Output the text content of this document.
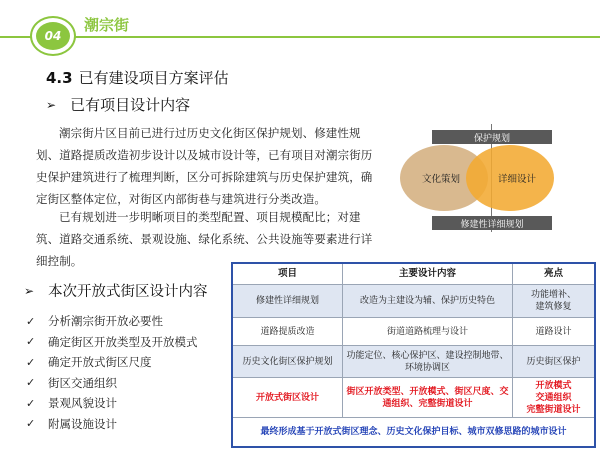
04
潮宗街
4.3 已有建设项目方案评估
➢ 已有项目设计内容

潮宗街片区目前已进行过历史文化街区保护规划、修建性规划、道路提质改造初步设计以及城市设计等，已有项目对潮宗街历史保护建筑进行了梳理判断，区分可拆除建筑与历史保护建筑，确定街区整体定位，对街区内部街巷与建筑进行分类改造。

已有规划进一步明晰项目的类型配置、项目规模配比；对建筑、道路交通系统、景观设施、绿化系统、公共设施等要素进行详细控制。

➢ 本次开放式街区设计内容
✓	分析潮宗街开放必要性
✓	确定街区开放类型及开放模式
✓	确定开放式街区尺度
✓	街区交通组织
✓	景观风貌设计
✓	附属设施设计
文化策划	详细设计
保护规划
修建性详细规划
项目	主要设计内容	亮点
修建性详细规划	改造为主建设为辅、保护历史特色	功能增补、
建筑修复
道路提质改造	街道道路梳理与设计	道路设计
历史文化街区保护规划	功能定位、核心保护区、建设控制地带、环境协调区	历史街区保护
开放式街区设计	街区开放类型、开放模式、街区尺度、交通组织、完整街道设计	开放模式
交通组织
完整街道设计
最终形成基于开放式街区理念、历史文化保护目标、城市双修思路的城市设计		
